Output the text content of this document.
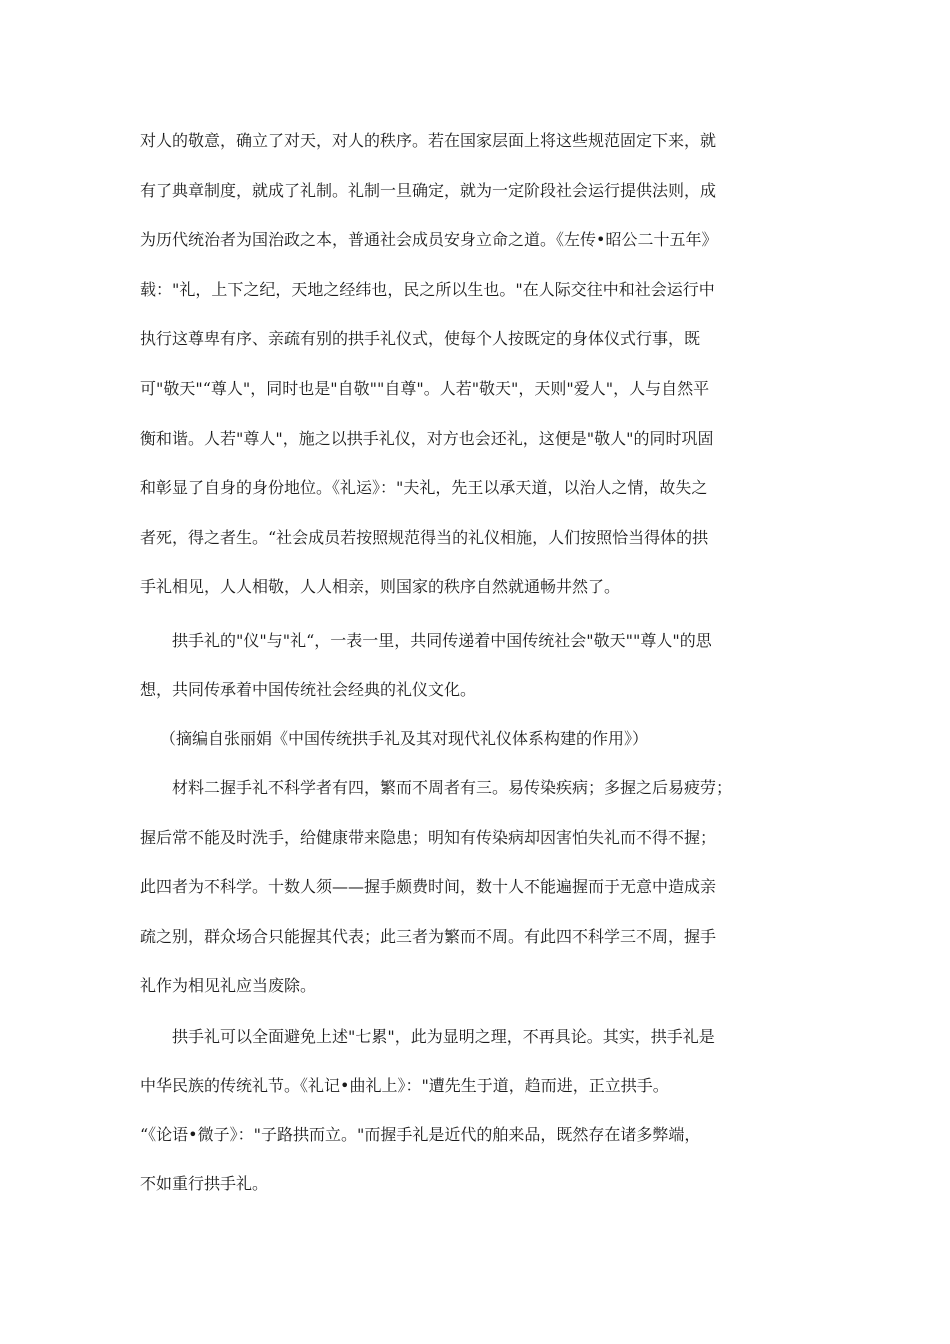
对人的敬意，确立了对天，对人的秩序。若在国家层面上将这些规范固定下来，就
有了典章制度，就成了礼制。礼制一旦确定，就为一定阶段社会运行提供法则，成
为历代统治者为国治政之本，普通社会成员安身立命之道。《左传•昭公二十五年》
载："礼，上下之纪，天地之经纬也，民之所以生也。"在人际交往中和社会运行中
执行这尊卑有序、亲疏有别的拱手礼仪式，使每个人按既定的身体仪式行事，既
可"敬天"“尊人"，同时也是"自敬""自尊"。人若"敬天"，天则"爱人"，人与自然平
衡和谐。人若"尊人"，施之以拱手礼仪，对方也会还礼，这便是"敬人"的同时巩固
和彰显了自身的身份地位。《礼运》："夫礼，先王以承天道，以治人之情，故失之
者死，得之者生。“社会成员若按照规范得当的礼仪相施，人们按照恰当得体的拱
手礼相见，人人相敬，人人相亲，则国家的秩序自然就通畅井然了。
拱手礼的"仪"与"礼“，一表一里，共同传递着中国传统社会"敬天""尊人"的思
想，共同传承着中国传统社会经典的礼仪文化。
（摘编自张丽娟《中国传统拱手礼及其对现代礼仪体系构建的作用》）
材料二握手礼不科学者有四，繁而不周者有三。易传染疾病；多握之后易疲劳；
握后常不能及时洗手，给健康带来隐患；明知有传染病却因害怕失礼而不得不握；
此四者为不科学。十数人须——握手颇费时间，数十人不能遍握而于无意中造成亲
疏之别，群众场合只能握其代表；此三者为繁而不周。有此四不科学三不周，握手
礼作为相见礼应当废除。
拱手礼可以全面避免上述"七累"，此为显明之理，不再具论。其实，拱手礼是
中华民族的传统礼节。《礼记•曲礼上》："遭先生于道，趋而进，正立拱手。
“《论语•微子》："子路拱而立。"而握手礼是近代的舶来品，既然存在诸多弊端，
不如重行拱手礼。
